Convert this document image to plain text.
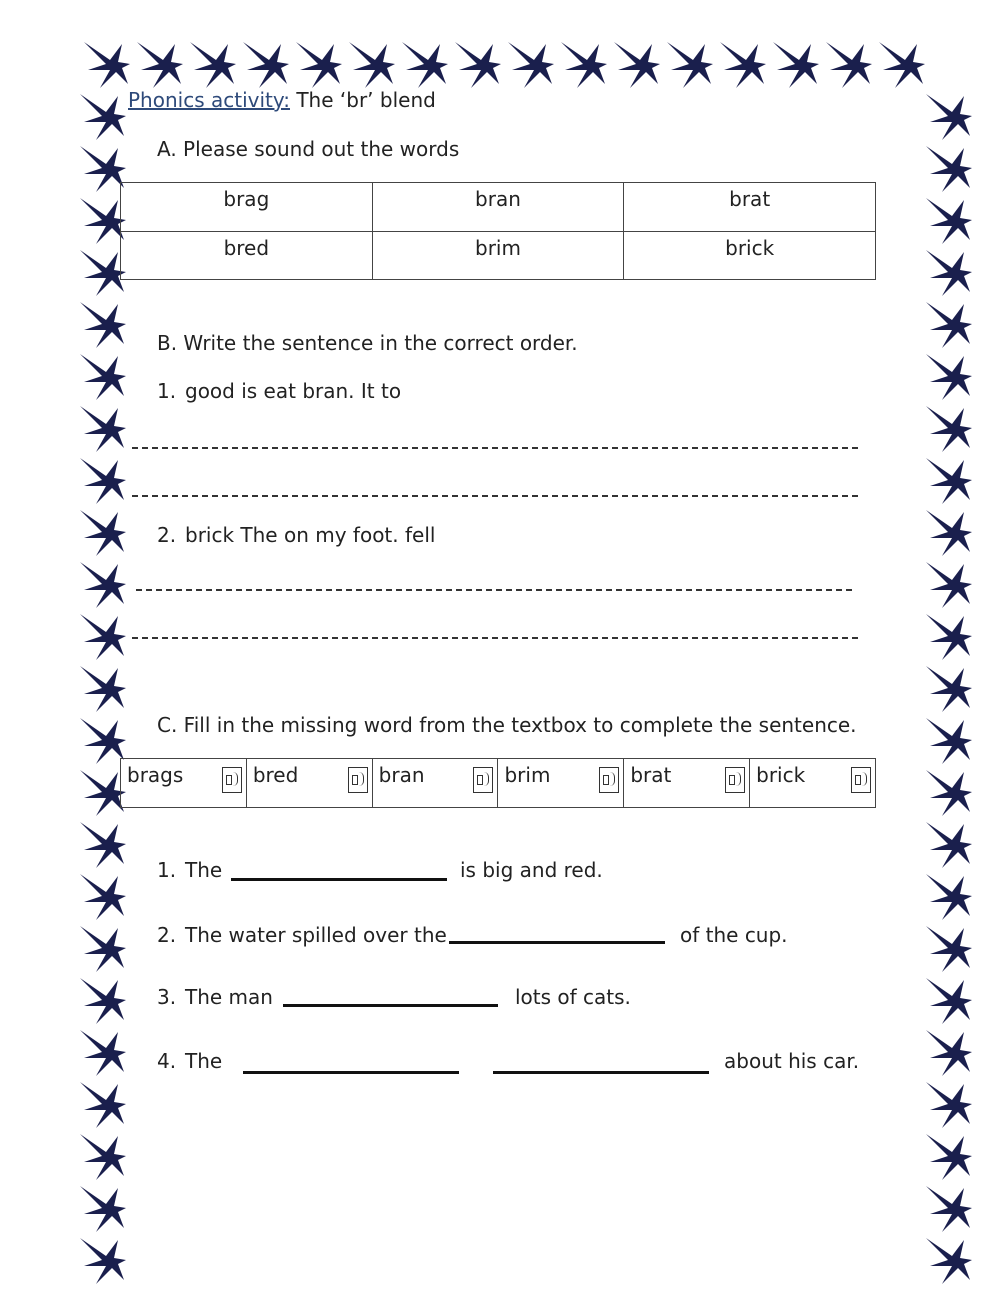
Phonics activity: The ‘br’ blend
A. Please sound out the words
brag	bran	brat
bred	brim	brick
B. Write the sentence in the correct order.
1. good is eat bran. It to
2. brick The on my foot. fell
C. Fill in the missing word from the textbox to complete the sentence.
brags	bred	bran	brim	brat	brick
1. The	is big and red.
2. The water spilled over the	of the cup.
3. The man	lots of cats.
4. The	about his car.
